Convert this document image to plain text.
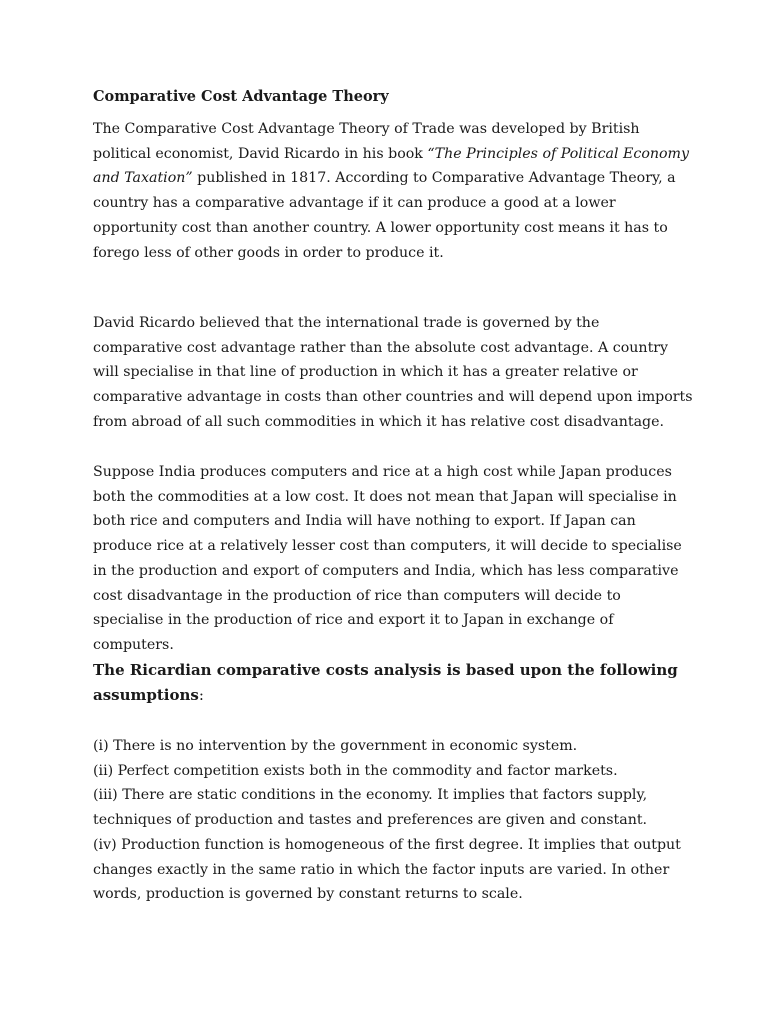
Comparative Cost Advantage Theory

The Comparative Cost Advantage Theory of Trade was developed by British political economist, David Ricardo in his book “The Principles of Political Economy and Taxation” published in 1817. According to Comparative Advantage Theory, a country has a comparative advantage if it can produce a good at a lower opportunity cost than another country. A lower opportunity cost means it has to forego less of other goods in order to produce it.

David Ricardo believed that the international trade is governed by the comparative cost advantage rather than the absolute cost advantage. A country will specialise in that line of production in which it has a greater relative or comparative advantage in costs than other countries and will depend upon imports from abroad of all such commodities in which it has relative cost disadvantage.

Suppose India produces computers and rice at a high cost while Japan produces both the commodities at a low cost. It does not mean that Japan will specialise in both rice and computers and India will have nothing to export. If Japan can produce rice at a relatively lesser cost than computers, it will decide to specialise in the production and export of computers and India, which has less comparative cost disadvantage in the production of rice than computers will decide to specialise in the production of rice and export it to Japan in exchange of computers.

The Ricardian comparative costs analysis is based upon the following assumptions:

(i) There is no intervention by the government in economic system.
(ii) Perfect competition exists both in the commodity and factor markets.
(iii) There are static conditions in the economy. It implies that factors supply, techniques of production and tastes and preferences are given and constant.
(iv) Production function is homogeneous of the first degree. It implies that output changes exactly in the same ratio in which the factor inputs are varied. In other words, production is governed by constant returns to scale.
